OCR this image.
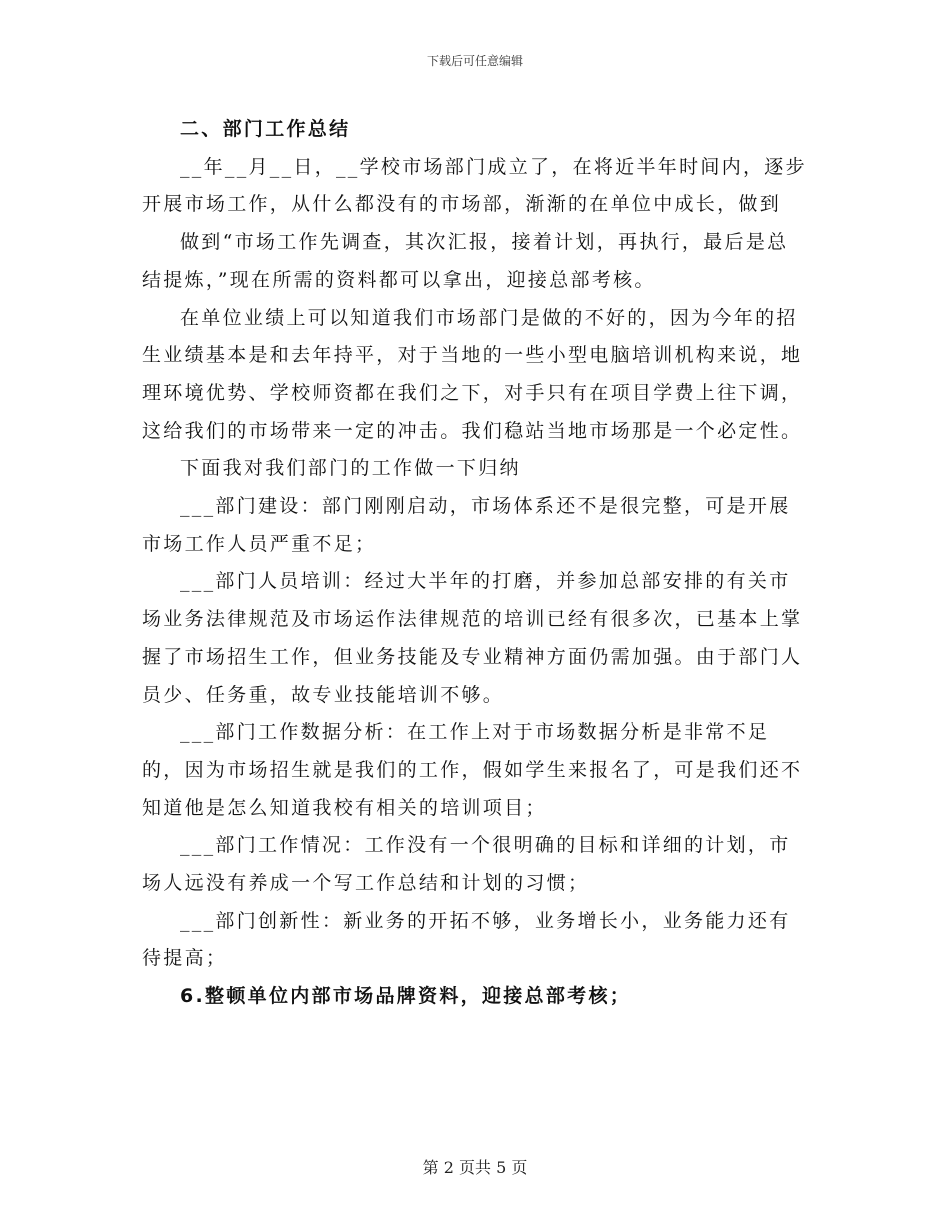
下载后可任意编辑
二、部门工作总结

__年__月__日，__学校市场部门成立了，在将近半年时间内，逐步开展市场工作，从什么都没有的市场部，渐渐的在单位中成长，做到

做到“市场工作先调查，其次汇报，接着计划，再执行，最后是总结提炼，”现在所需的资料都可以拿出，迎接总部考核。

在单位业绩上可以知道我们市场部门是做的不好的，因为今年的招生业绩基本是和去年持平，对于当地的一些小型电脑培训机构来说，地理环境优势、学校师资都在我们之下，对手只有在项目学费上往下调，这给我们的市场带来一定的冲击。我们稳站当地市场那是一个必定性。

下面我对我们部门的工作做一下归纳

___部门建设：部门刚刚启动，市场体系还不是很完整，可是开展市场工作人员严重不足；

___部门人员培训：经过大半年的打磨，并参加总部安排的有关市场业务法律规范及市场运作法律规范的培训已经有很多次，已基本上掌握了市场招生工作，但业务技能及专业精神方面仍需加强。由于部门人员少、任务重，故专业技能培训不够。

___部门工作数据分析：在工作上对于市场数据分析是非常不足的，因为市场招生就是我们的工作，假如学生来报名了，可是我们还不知道他是怎么知道我校有相关的培训项目；

___部门工作情况：工作没有一个很明确的目标和详细的计划，市场人远没有养成一个写工作总结和计划的习惯；

___部门创新性：新业务的开拓不够，业务增长小，业务能力还有待提高；

6.整顿单位内部市场品牌资料，迎接总部考核；

第 2 页共 5 页
